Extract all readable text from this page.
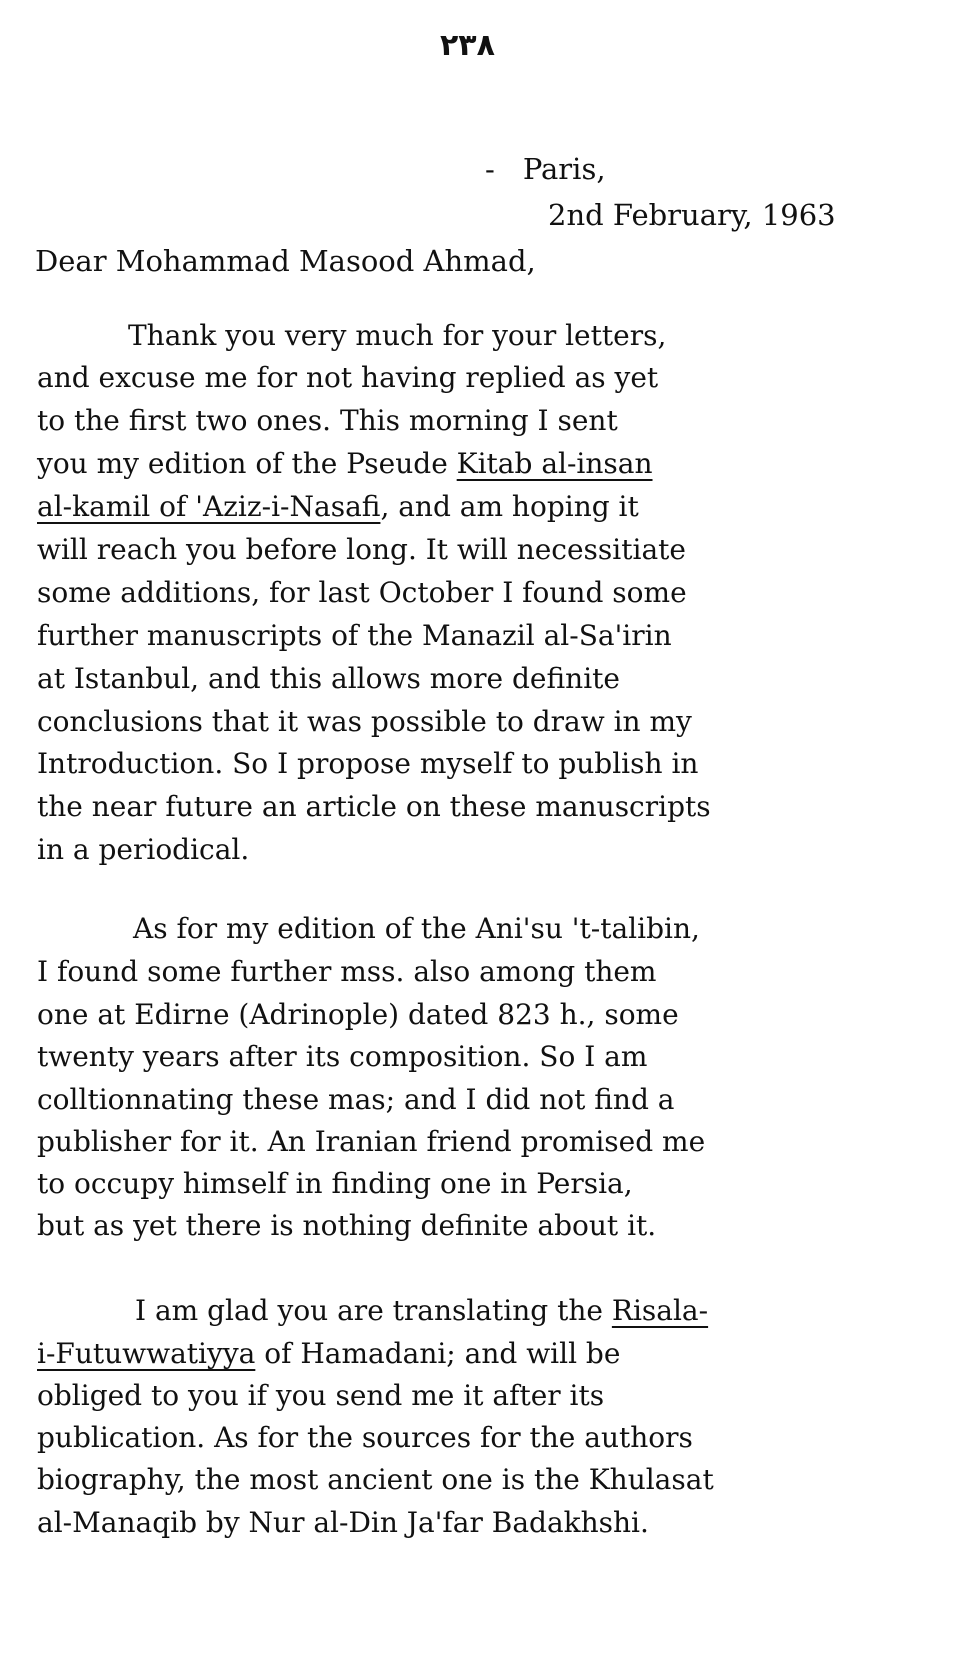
٢٣٨
- Paris,
2nd February, 1963
Dear Mohammad Masood Ahmad,
Thank you very much for your letters,
and excuse me for not having replied as yet
to the first two ones. This morning I sent
you my edition of the Pseude Kitab al-insan
al-kamil of 'Aziz-i-Nasafi, and am hoping it
will reach you before long. It will necessitiate
some additions, for last October I found some
further manuscripts of the Manazil al-Sa'irin
at Istanbul, and this allows more definite
conclusions that it was possible to draw in my
Introduction. So I propose myself to publish in
the near future an article on these manuscripts
in a periodical.
As for my edition of the Ani'su 't-talibin,
I found some further mss. also among them
one at Edirne (Adrinople) dated 823 h., some
twenty years after its composition. So I am
colltionnating these mas; and I did not find a
publisher for it. An Iranian friend promised me
to occupy himself in finding one in Persia,
but as yet there is nothing definite about it.
I am glad you are translating the Risala-
i-Futuwwatiyya of Hamadani; and will be
obliged to you if you send me it after its
publication. As for the sources for the authors
biography, the most ancient one is the Khulasat
al-Manaqib by Nur al-Din Ja'far Badakhshi.
